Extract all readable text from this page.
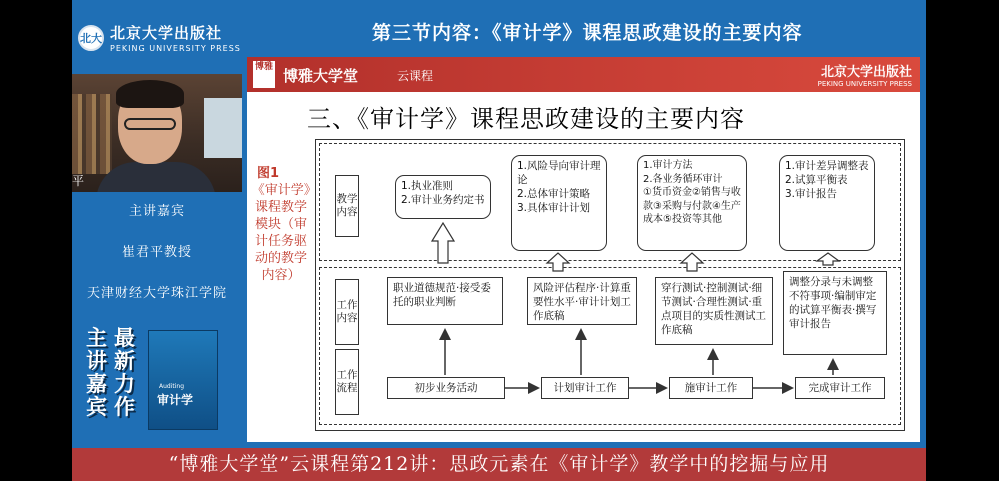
北大 北京大学出版社
PEKING UNIVERSITY PRESS
第三节内容：《审计学》课程思政建设的主要内容
平
主讲嘉宾
崔君平教授
天津财经大学珠江学院
主讲嘉宾
最新力作
Auditing
审计学
博雅 博雅大学堂	云课程	北京大学出版社
PEKING UNIVERSITY PRESS
三、《审计学》课程思政建设的主要内容
图1
《审计学》课程教学模块（审计任务驱动的教学内容）
教学内容
工作内容
工作流程
1.执业准则
2.审计业务约定书
1.风险导向审计理论
2.总体审计策略
3.具体审计计划
1.审计方法
2.各业务循环审计
①货币资金②销售与收款③采购与付款④生产成本⑤投资等其他
1.审计差异调整表
2.试算平衡表
3.审计报告
职业道德规范·接受委托的职业判断
风险评估程序·计算重要性水平·审计计划工作底稿
穿行测试·控制测试·细节测试·合理性测试·重点项目的实质性测试工作底稿
调整分录与未调整不符事项·编制审定的试算平衡表·撰写审计报告
初步业务活动	计划审计工作	施审计工作	完成审计工作
“博雅大学堂”云课程第212讲：思政元素在《审计学》教学中的挖掘与应用
